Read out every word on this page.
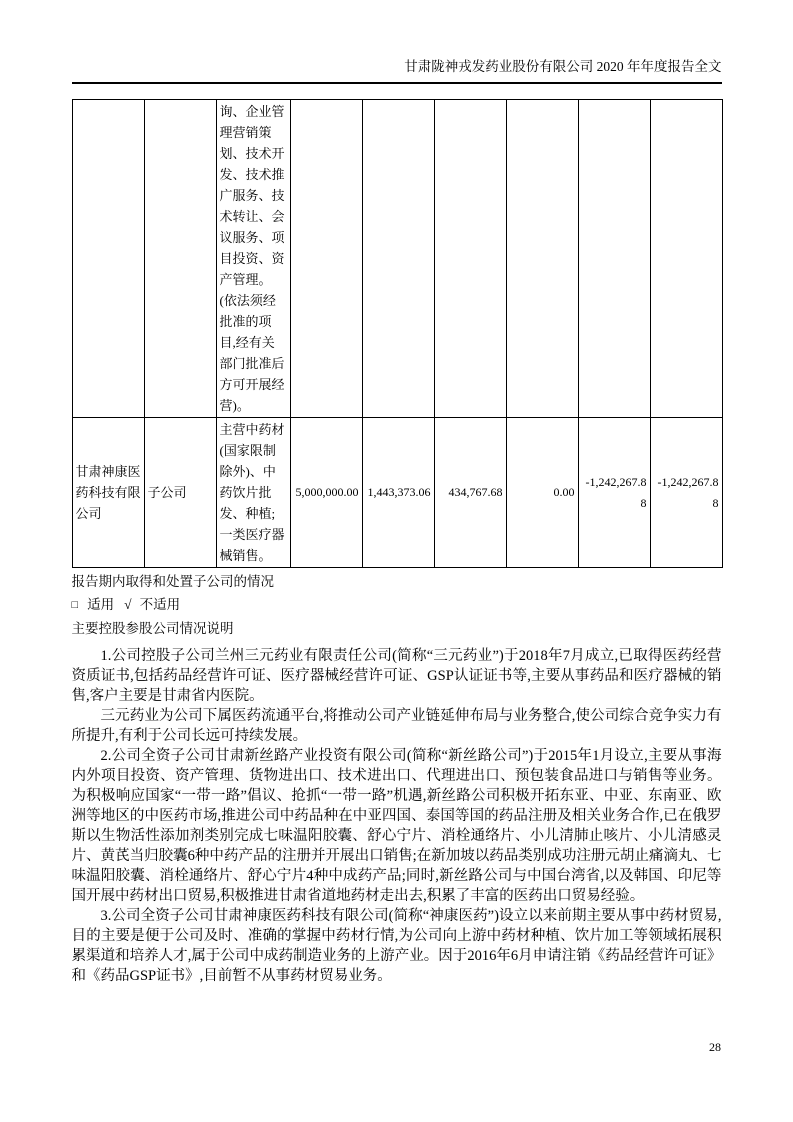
甘肃陇神戎发药业股份有限公司 2020 年年度报告全文
		询、企业管理营销策划、技术开发、技术推广服务、技术转让、会议服务、项目投资、资产管理。(依法须经批准的项目,经有关部门批准后方可开展经营)。						
甘肃神康医药科技有限公司	子公司	主营中药材(国家限制除外)、中药饮片批发、种植;一类医疗器械销售。	5,000,000.00	1,443,373.06	434,767.68	0.00	-1,242,267.88	-1,242,267.88
报告期内取得和处置子公司的情况
□ 适用 √ 不适用
主要控股参股公司情况说明

1.公司控股子公司兰州三元药业有限责任公司(简称“三元药业”)于2018年7月成立,已取得医药经营资质证书,包括药品经营许可证、医疗器械经营许可证、GSP认证证书等,主要从事药品和医疗器械的销售,客户主要是甘肃省内医院。

三元药业为公司下属医药流通平台,将推动公司产业链延伸布局与业务整合,使公司综合竞争实力有所提升,有利于公司长远可持续发展。

2.公司全资子公司甘肃新丝路产业投资有限公司(简称“新丝路公司”)于2015年1月设立,主要从事海内外项目投资、资产管理、货物进出口、技术进出口、代理进出口、预包装食品进口与销售等业务。为积极响应国家“一带一路”倡议、抢抓“一带一路”机遇,新丝路公司积极开拓东亚、中亚、东南亚、欧洲等地区的中医药市场,推进公司中药品种在中亚四国、泰国等国的药品注册及相关业务合作,已在俄罗斯以生物活性添加剂类别完成七味温阳胶囊、舒心宁片、消栓通络片、小儿清肺止咳片、小儿清感灵片、黄芪当归胶囊6种中药产品的注册并开展出口销售;在新加坡以药品类别成功注册元胡止痛滴丸、七味温阳胶囊、消栓通络片、舒心宁片4种中成药产品;同时,新丝路公司与中国台湾省,以及韩国、印尼等国开展中药材出口贸易,积极推进甘肃省道地药材走出去,积累了丰富的医药出口贸易经验。

3.公司全资子公司甘肃神康医药科技有限公司(简称“神康医药”)设立以来前期主要从事中药材贸易,目的主要是便于公司及时、准确的掌握中药材行情,为公司向上游中药材种植、饮片加工等领域拓展积累渠道和培养人才,属于公司中成药制造业务的上游产业。因于2016年6月申请注销《药品经营许可证》和《药品GSP证书》,目前暂不从事药材贸易业务。

28
